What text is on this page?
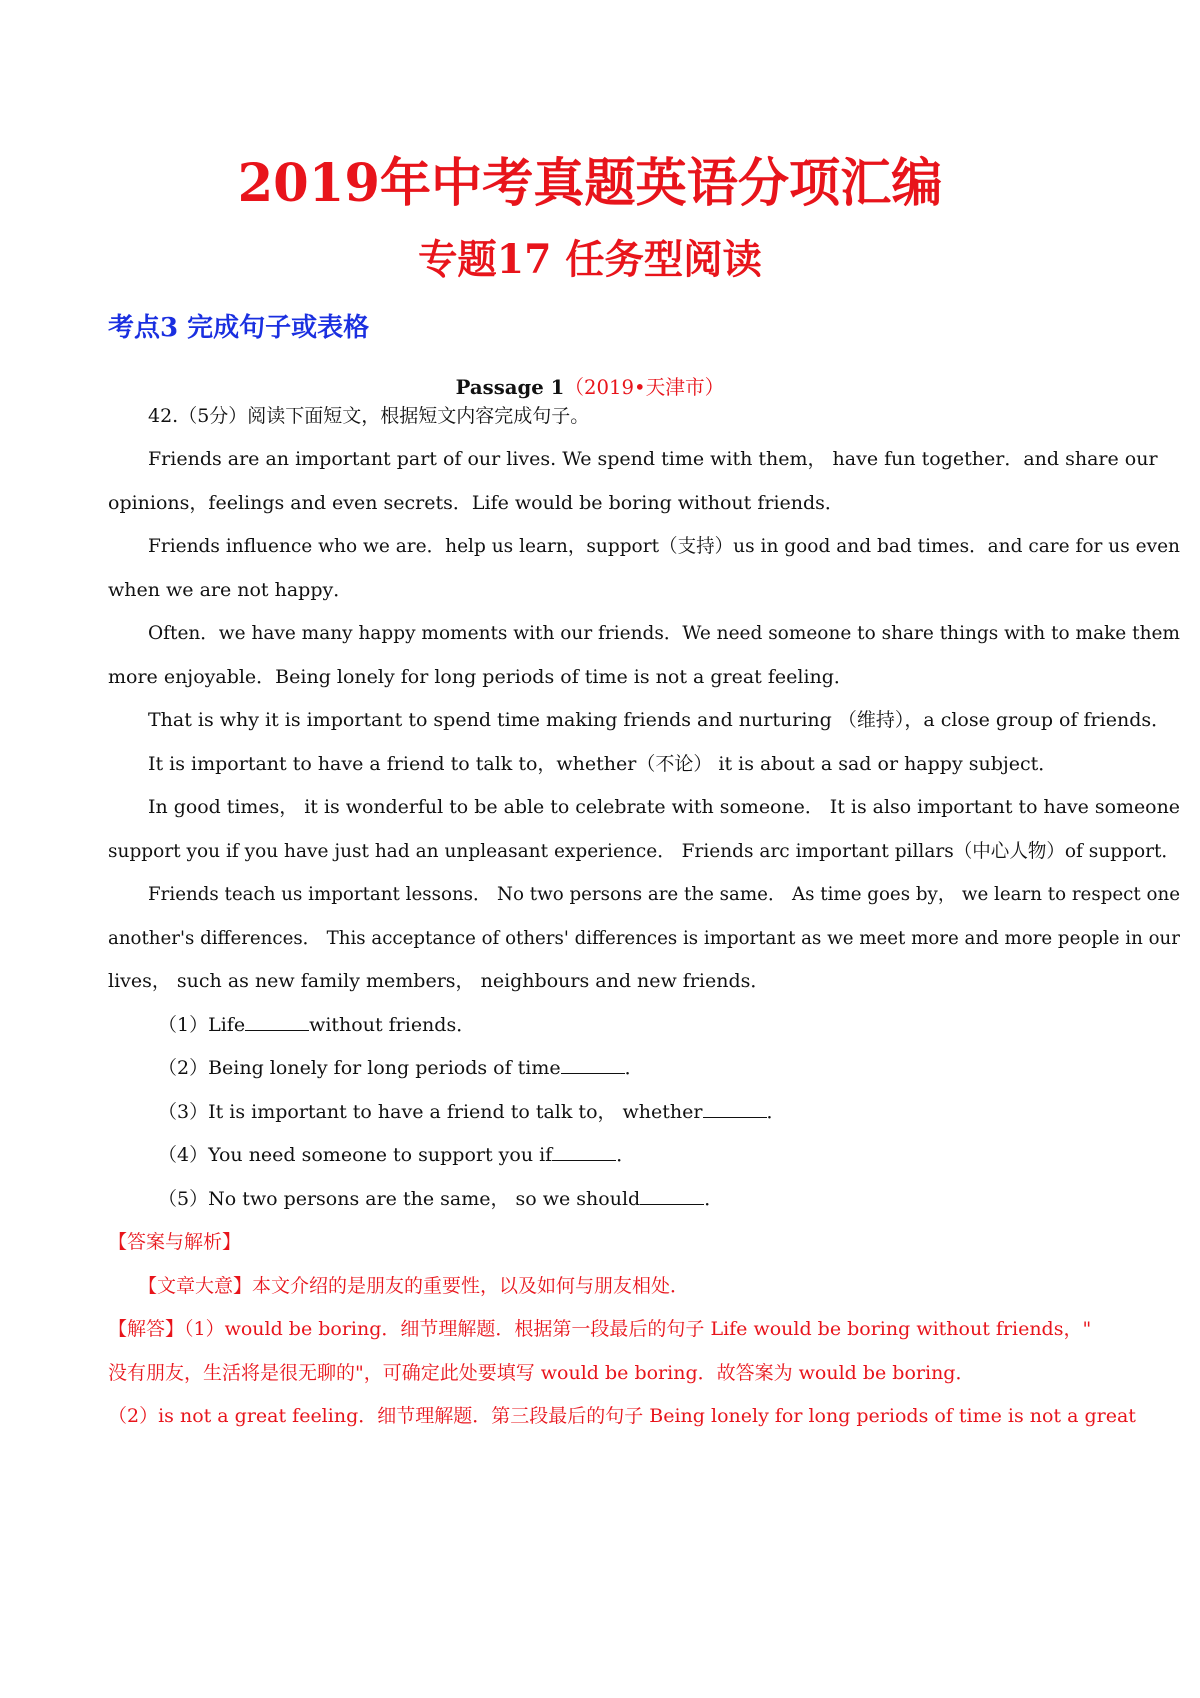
2019年中考真题英语分项汇编
专题17 任务型阅读
考点3 完成句子或表格
Passage 1（2019•天津市）
42.（5分）阅读下面短文，根据短文内容完成句子。
Friends are an important part of our lives. We spend time with them， have fun together．and share our
opinions，feelings and even secrets．Life would be boring without friends．
Friends influence who we are．help us learn，support（支持）us in good and bad times．and care for us even
when we are not happy．
Often．we have many happy moments with our friends．We need someone to share things with to make them
more enjoyable．Being lonely for long periods of time is not a great feeling．
That is why it is important to spend time making friends and nurturing （维持），a close group of friends．
It is important to have a friend to talk to，whether（不论） it is about a sad or happy subject．
In good times， it is wonderful to be able to celebrate with someone． It is also important to have someone
support you if you have just had an unpleasant experience． Friends arc important pillars（中心人物）of support．
Friends teach us important lessons． No two persons are the same． As time goes by， we learn to respect one
another's differences． This acceptance of others' differences is important as we meet more and more people in our
lives， such as new family members， neighbours and new friends．
（1）Life	without friends．
（2）Being lonely for long periods of time	．
（3）It is important to have a friend to talk to， whether	．
（4）You need someone to support you if	．
（5）No two persons are the same， so we should	．
【答案与解析】
【文章大意】本文介绍的是朋友的重要性，以及如何与朋友相处．
【解答】（1）would be boring．细节理解题．根据第一段最后的句子 Life would be boring without friends，"
没有朋友，生活将是很无聊的"，可确定此处要填写 would be boring．故答案为 would be boring．
（2）is not a great feeling．细节理解题．第三段最后的句子 Being lonely for long periods of time is not a great
